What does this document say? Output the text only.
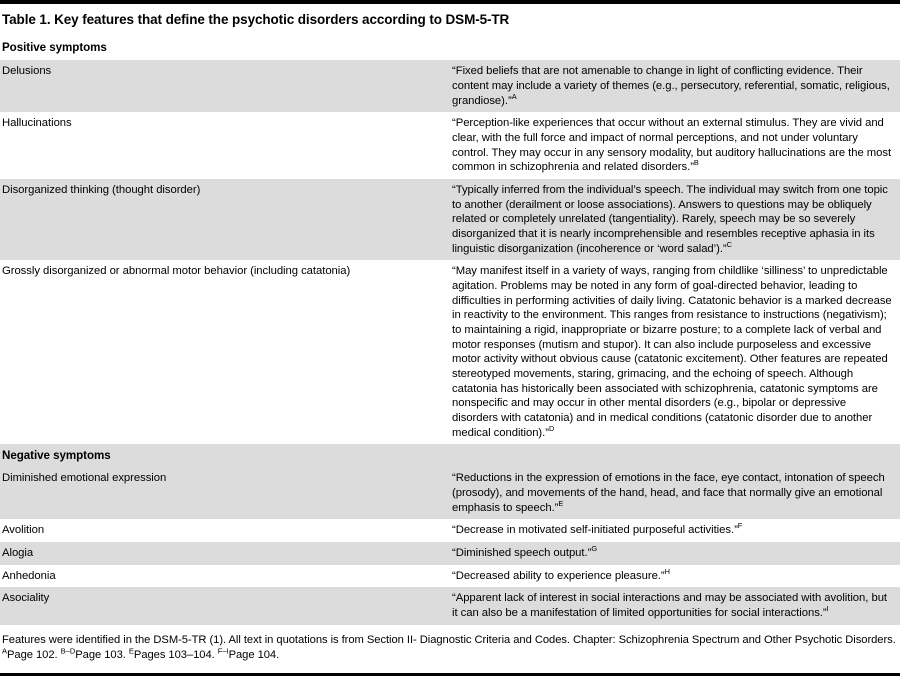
Table 1. Key features that define the psychotic disorders according to DSM-5-TR
Positive symptoms	
Delusions	“Fixed beliefs that are not amenable to change in light of conflicting evidence. Their content may include a variety of themes (e.g., persecutory, referential, somatic, religious, grandiose).”$^A$
Hallucinations	“Perception-like experiences that occur without an external stimulus. They are vivid and clear, with the full force and impact of normal perceptions, and not under voluntary control. They may occur in any sensory modality, but auditory hallucinations are the most common in schizophrenia and related disorders.”$^B$
Disorganized thinking (thought disorder)	“Typically inferred from the individual’s speech. The individual may switch from one topic to another (derailment or loose associations). Answers to questions may be obliquely related or completely unrelated (tangentiality). Rarely, speech may be so severely disorganized that it is nearly incomprehensible and resembles receptive aphasia in its linguistic disorganization (incoherence or ‘word salad’).”$^C$
Grossly disorganized or abnormal motor behavior (including catatonia)	“May manifest itself in a variety of ways, ranging from childlike ‘silliness’ to unpredictable agitation. Problems may be noted in any form of goal-directed behavior, leading to difficulties in performing activities of daily living. Catatonic behavior is a marked decrease in reactivity to the environment. This ranges from resistance to instructions (negativism); to maintaining a rigid, inappropriate or bizarre posture; to a complete lack of verbal and motor responses (mutism and stupor). It can also include purposeless and excessive motor activity without obvious cause (catatonic excitement). Other features are repeated stereotyped movements, staring, grimacing, and the echoing of speech. Although catatonia has historically been associated with schizophrenia, catatonic symptoms are nonspecific and may occur in other mental disorders (e.g., bipolar or depressive disorders with catatonia) and in medical conditions (catatonic disorder due to another medical condition).”$^D$
Negative symptoms	
Diminished emotional expression	“Reductions in the expression of emotions in the face, eye contact, intonation of speech (prosody), and movements of the hand, head, and face that normally give an emotional emphasis to speech.”$^E$
Avolition	“Decrease in motivated self-initiated purposeful activities.”$^F$
Alogia	“Diminished speech output.”$^G$
Anhedonia	“Decreased ability to experience pleasure.”$^H$
Asociality	“Apparent lack of interest in social interactions and may be associated with avolition, but it can also be a manifestation of limited opportunities for social interactions.”$^I$
Features were identified in the DSM-5-TR (1). All text in quotations is from Section II- Diagnostic Criteria and Codes. Chapter: Schizophrenia Spectrum and Other Psychotic Disorders. $^A$Page 102. $^{B-D}$Page 103. $^E$Pages 103–104. $^{F-I}$Page 104.
